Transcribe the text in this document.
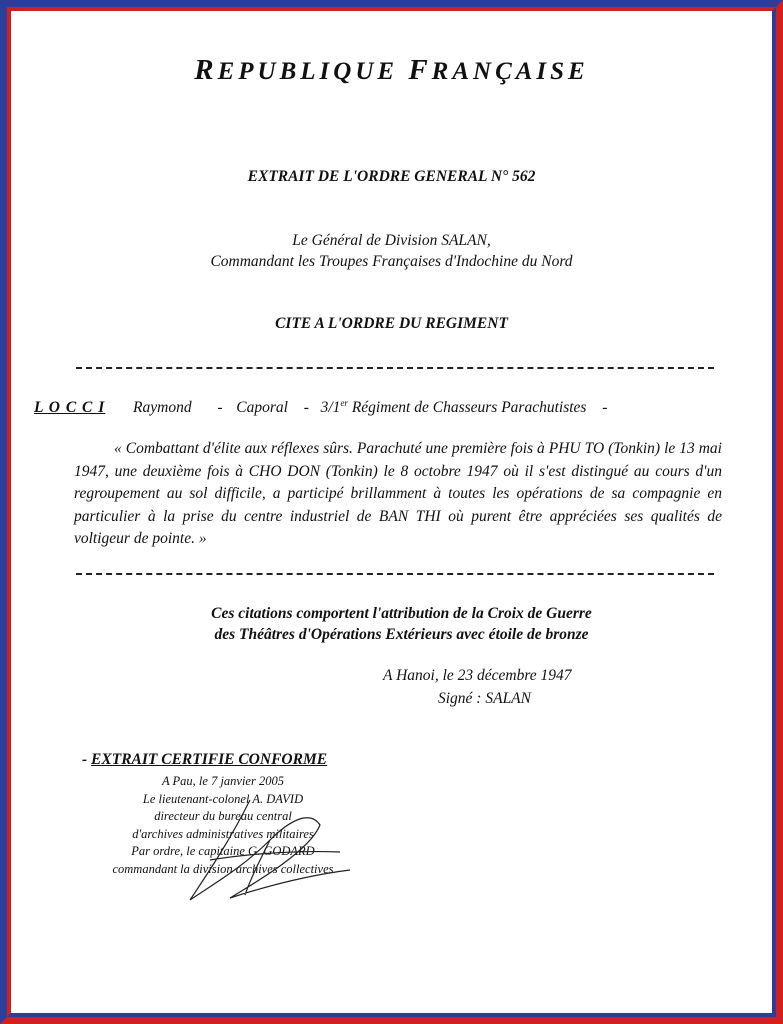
REPUBLIQUE FRANÇAISE
EXTRAIT DE L'ORDRE GENERAL N° 562
Le Général de Division SALAN,
Commandant les Troupes Françaises d'Indochine du Nord
CITE A L'ORDRE DU REGIMENT
L O C C I Raymond - Caporal - 3/1er Régiment de Chasseurs Parachutistes -
« Combattant d'élite aux réflexes sûrs. Parachuté une première fois à PHU TO (Tonkin) le 13 mai 1947, une deuxième fois à CHO DON (Tonkin) le 8 octobre 1947 où il s'est distingué au cours d'un regroupement au sol difficile, a participé brillamment à toutes les opérations de sa compagnie en particulier à la prise du centre industriel de BAN THI où purent être appréciées ses qualités de voltigeur de pointe. »
Ces citations comportent l'attribution de la Croix de Guerre
des Théâtres d'Opérations Extérieurs avec étoile de bronze
A Hanoi, le 23 décembre 1947
Signé : SALAN
- EXTRAIT CERTIFIE CONFORME
A Pau, le 7 janvier 2005
Le lieutenant-colonel A. DAVID
directeur du bureau central
d'archives administratives militaires
Par ordre, le capitaine G. GODARD
commandant la division archives collectives
